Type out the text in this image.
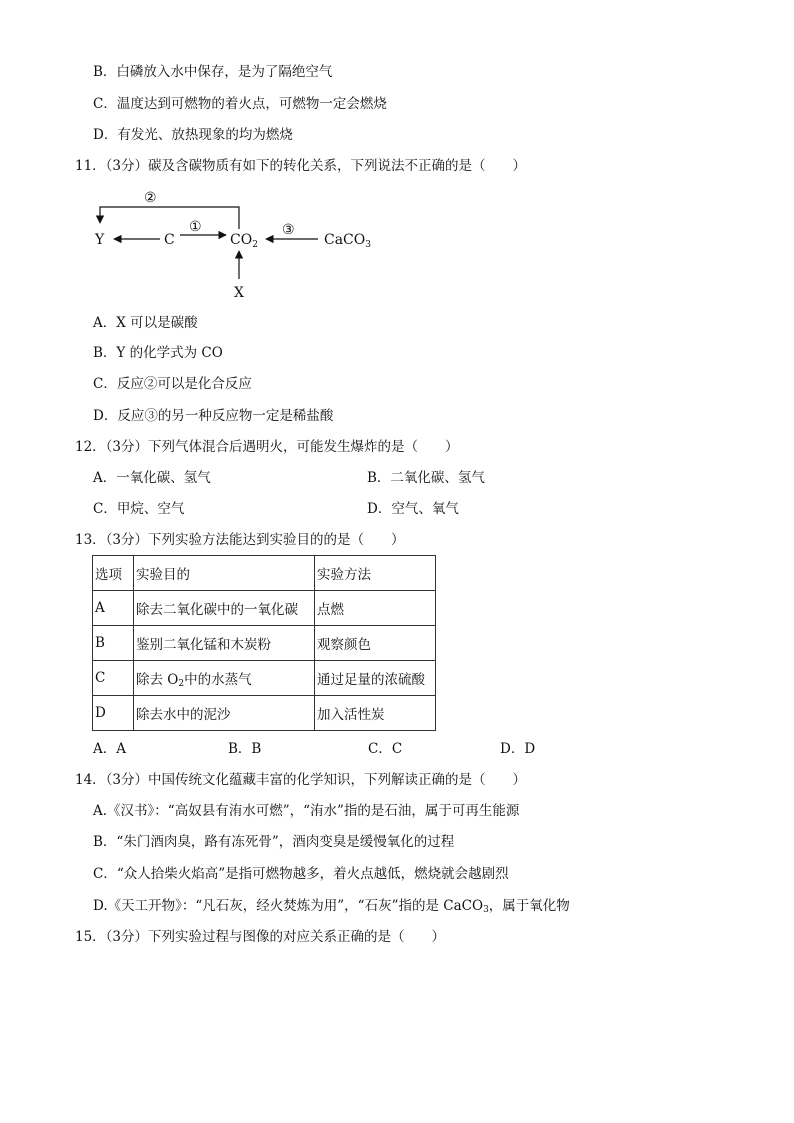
B．白磷放入水中保存，是为了隔绝空气
C．温度达到可燃物的着火点，可燃物一定会燃烧
D．有发光、放热现象的均为燃烧
11．（3分）碳及含碳物质有如下的转化关系，下列说法不正确的是（　　）
②
Y	C
①
$CO_2$
③
CaCO$_3$
X
A．X 可以是碳酸
B．Y 的化学式为 CO
C．反应②可以是化合反应
D．反应③的另一种反应物一定是稀盐酸
12．（3分）下列气体混合后遇明火，可能发生爆炸的是（　　）
A．一氧化碳、氢气	B．二氧化碳、氢气
C．甲烷、空气	D．空气、氧气
13．（3分）下列实验方法能达到实验目的的是（　　）
选项	实验目的	实验方法
A	除去二氧化碳中的一氧化碳	点燃
B	鉴别二氧化锰和木炭粉	观察颜色
C	除去 $O_2$中的水蒸气	通过足量的浓硫酸
D	除去水中的泥沙	加入活性炭
A．A	B．B	C．C	D．D
14．（3分）中国传统文化蕴藏丰富的化学知识，下列解读正确的是（　　）
A.《汉书》：“高奴县有洧水可燃”，“洧水”指的是石油，属于可再生能源
B．“朱门酒肉臭，路有冻死骨”，酒肉变臭是缓慢氧化的过程
C．“众人拾柴火焰高”是指可燃物越多，着火点越低，燃烧就会越剧烈
D.《天工开物》：“凡石灰，经火焚炼为用”，“石灰”指的是 CaCO$_3$，属于氧化物
15．（3分）下列实验过程与图像的对应关系正确的是（　　）
